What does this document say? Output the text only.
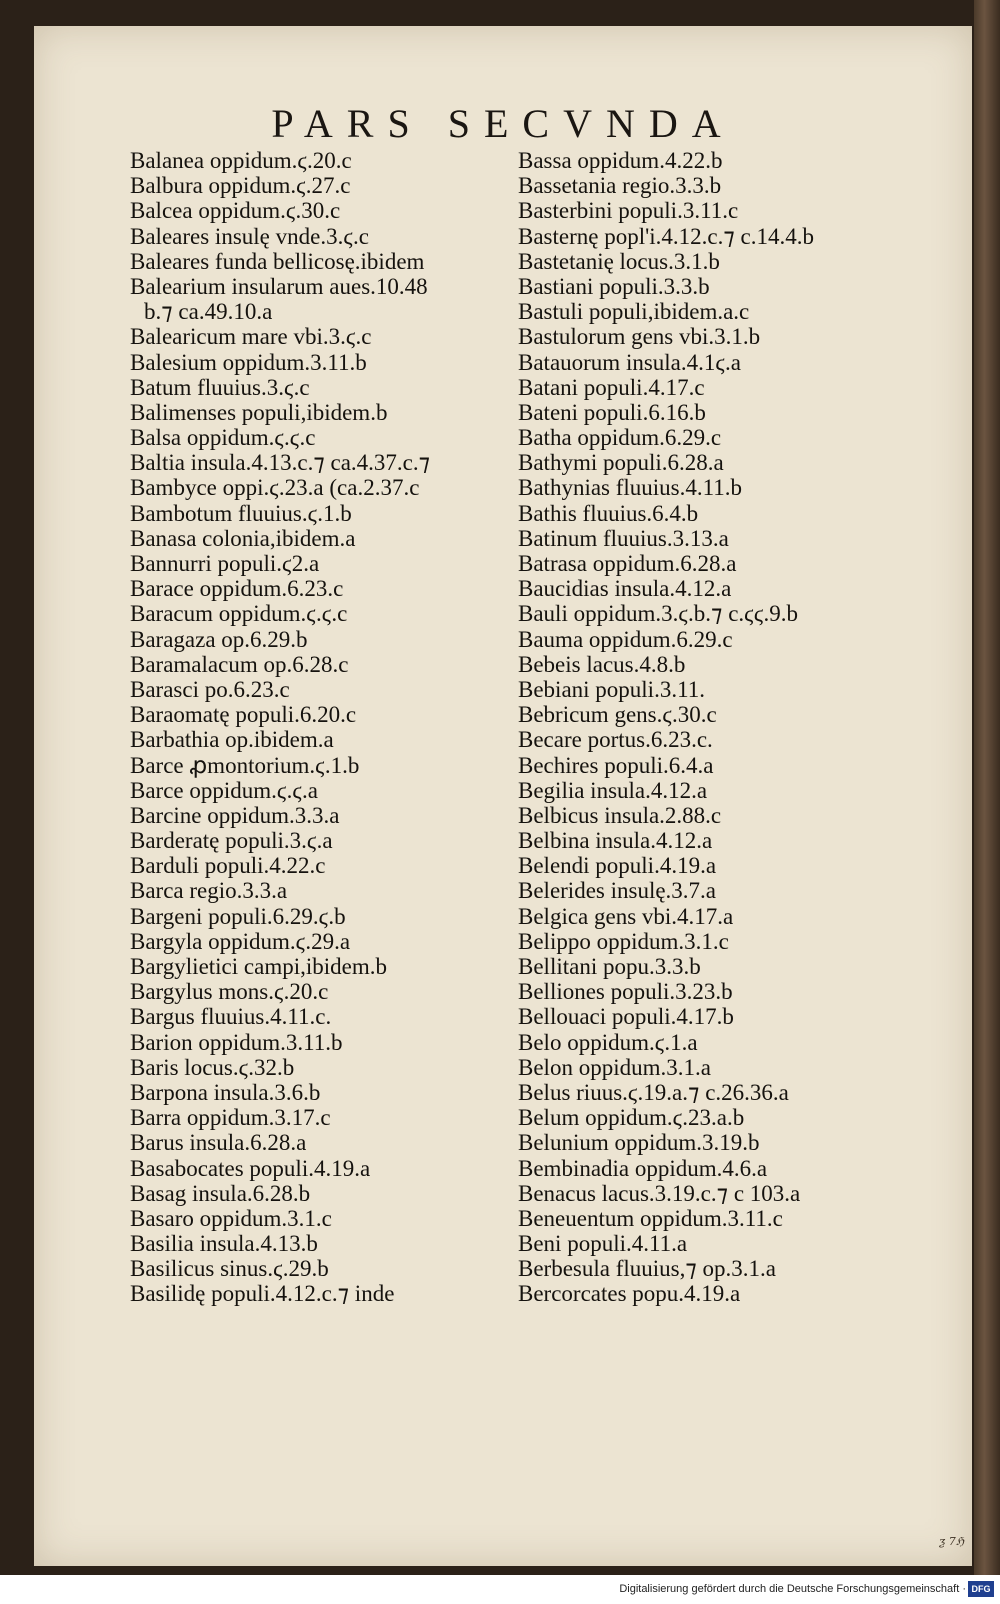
PARS SECVNDA
Balanea oppidum.ϛ.20.c
Balbura oppidum.ϛ.27.c
Balcea oppidum.ϛ.30.c
Baleares insulę vnde.3.ϛ.c
Baleares funda bellicosę.ibidem
Balearium insularum aues.10.48
b.⁊ ca.49.10.a
Balearicum mare vbi.3.ϛ.c
Balesium oppidum.3.11.b
Batum fluuius.3.ϛ.c
Balimenses populi,ibidem.b
Balsa oppidum.ϛ.ϛ.c
Baltia insula.4.13.c.⁊ ca.4.37.c.⁊
Bambyce oppi.ϛ.23.a (ca.2.37.c
Bambotum fluuius.ϛ.1.b
Banasa colonia,ibidem.a
Bannurri populi.ϛ2.a
Barace oppidum.6.23.c
Baracum oppidum.ϛ.ϛ.c
Baragaza op.6.29.b
Baramalacum op.6.28.c
Barasci po.6.23.c
Baraomatę populi.6.20.c
Barbathia op.ibidem.a
Barce ꝓmontorium.ϛ.1.b
Barce oppidum.ϛ.ϛ.a
Barcine oppidum.3.3.a
Barderatę populi.3.ϛ.a
Barduli populi.4.22.c
Barca regio.3.3.a
Bargeni populi.6.29.ϛ.b
Bargyla oppidum.ϛ.29.a
Bargylietici campi,ibidem.b
Bargylus mons.ϛ.20.c
Bargus fluuius.4.11.c.
Barion oppidum.3.11.b
Baris locus.ϛ.32.b
Barpona insula.3.6.b
Barra oppidum.3.17.c
Barus insula.6.28.a
Basabocates populi.4.19.a
Basag insula.6.28.b
Basaro oppidum.3.1.c
Basilia insula.4.13.b
Basilicus sinus.ϛ.29.b
Basilidę populi.4.12.c.⁊ inde
Bassa oppidum.4.22.b
Bassetania regio.3.3.b
Basterbini populi.3.11.c
Basternę popl'i.4.12.c.⁊ c.14.4.b
Bastetanię locus.3.1.b
Bastiani populi.3.3.b
Bastuli populi,ibidem.a.c
Bastulorum gens vbi.3.1.b
Batauorum insula.4.1ϛ.a
Batani populi.4.17.c
Bateni populi.6.16.b
Batha oppidum.6.29.c
Bathymi populi.6.28.a
Bathynias fluuius.4.11.b
Bathis fluuius.6.4.b
Batinum fluuius.3.13.a
Batrasa oppidum.6.28.a
Baucidias insula.4.12.a
Bauli oppidum.3.ϛ.b.⁊ c.ϛϛ.9.b
Bauma oppidum.6.29.c
Bebeis lacus.4.8.b
Bebiani populi.3.11.
Bebricum gens.ϛ.30.c
Becare portus.6.23.c.
Bechires populi.6.4.a
Begilia insula.4.12.a
Belbicus insula.2.88.c
Belbina insula.4.12.a
Belendi populi.4.19.a
Belerides insulę.3.7.a
Belgica gens vbi.4.17.a
Belippo oppidum.3.1.c
Bellitani popu.3.3.b
Belliones populi.3.23.b
Bellouaci populi.4.17.b
Belo oppidum.ϛ.1.a
Belon oppidum.3.1.a
Belus riuus.ϛ.19.a.⁊ c.26.36.a
Belum oppidum.ϛ.23.a.b
Belunium oppidum.3.19.b
Bembinadia oppidum.4.6.a
Benacus lacus.3.19.c.⁊ c 103.a
Beneuentum oppidum.3.11.c
Beni populi.4.11.a
Berbesula fluuius,⁊ op.3.1.a
Bercorcates popu.4.19.a
ƺ 7ℌ
Digitalisierung gefördert durch die Deutsche Forschungsgemeinschaft · DFG
